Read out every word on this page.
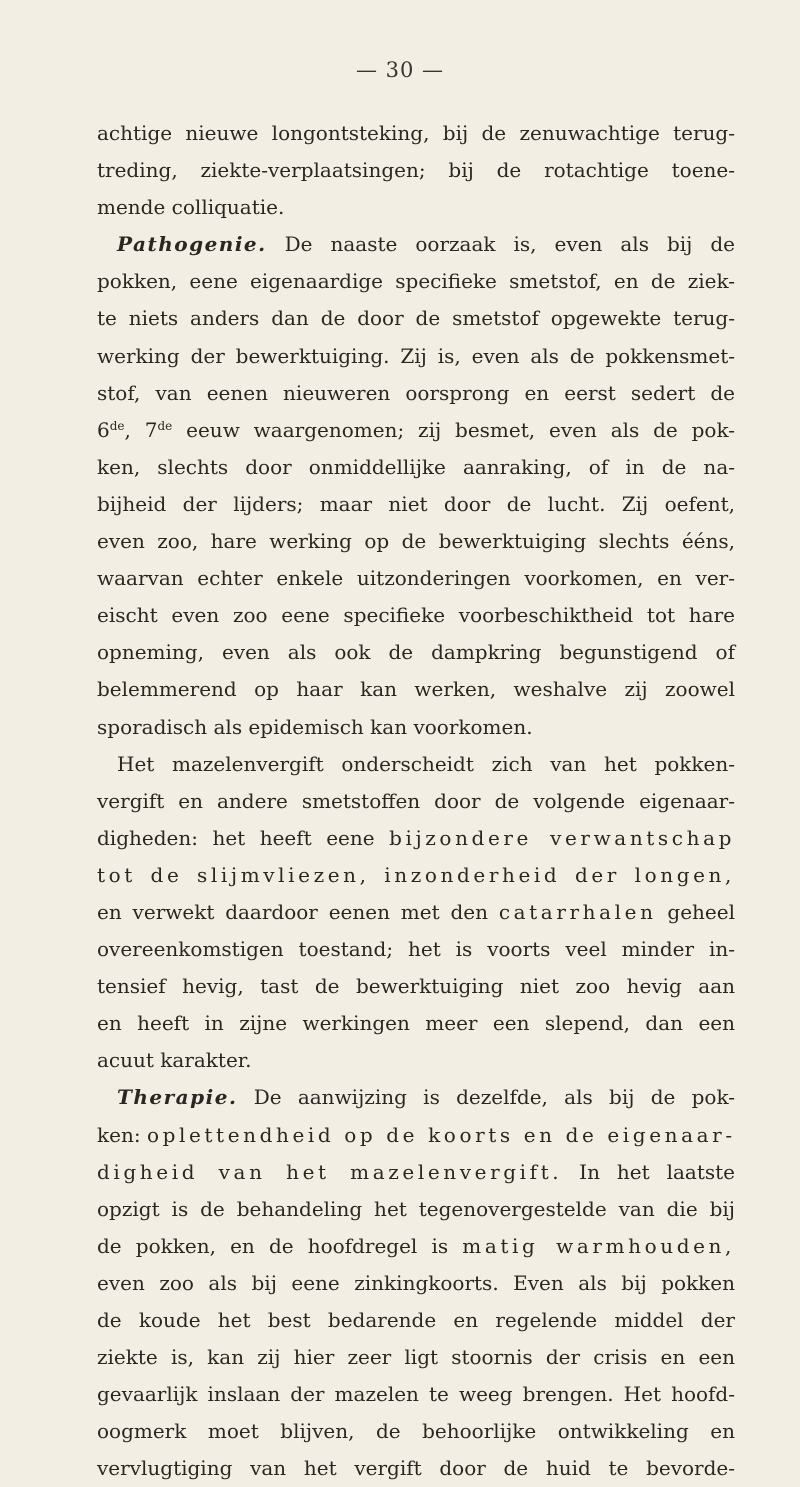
— 30 —
achtige nieuwe longontsteking, bij de zenuwachtige terug-
treding, ziekte-verplaatsingen; bij de rotachtige toene-
mende colliquatie.
Pathogenie. De naaste oorzaak is, even als bij de
pokken, eene eigenaardige specifieke smetstof, en de ziek-
te niets anders dan de door de smetstof opgewekte terug-
werking der bewerktuiging. Zij is, even als de pokkensmet-
stof, van eenen nieuweren oorsprong en eerst sedert de
6de, 7de eeuw waargenomen; zij besmet, even als de pok-
ken, slechts door onmiddellijke aanraking, of in de na-
bijheid der lijders; maar niet door de lucht. Zij oefent,
even zoo, hare werking op de bewerktuiging slechts ééns,
waarvan echter enkele uitzonderingen voorkomen, en ver-
eischt even zoo eene specifieke voorbeschiktheid tot hare
opneming, even als ook de dampkring begunstigend of
belemmerend op haar kan werken, weshalve zij zoowel
sporadisch als epidemisch kan voorkomen.
Het mazelenvergift onderscheidt zich van het pokken-
vergift en andere smetstoffen door de volgende eigenaar-
digheden: het heeft eene bijzondere verwantschap
tot de slijmvliezen, inzonderheid der longen,
en verwekt daardoor eenen met den catarrhalen geheel
overeenkomstigen toestand; het is voorts veel minder in-
tensief hevig, tast de bewerktuiging niet zoo hevig aan
en heeft in zijne werkingen meer een slepend, dan een
acuut karakter.
Therapie. De aanwijzing is dezelfde, als bij de pok-
ken: oplettendheid op de koorts en de eigenaar-
digheid van het mazelenvergift. In het laatste
opzigt is de behandeling het tegenovergestelde van die bij
de pokken, en de hoofdregel is matig warmhouden,
even zoo als bij eene zinkingkoorts. Even als bij pokken
de koude het best bedarende en regelende middel der
ziekte is, kan zij hier zeer ligt stoornis der crisis en een
gevaarlijk inslaan der mazelen te weeg brengen. Het hoofd-
oogmerk moet blijven, de behoorlijke ontwikkeling en
vervlugtiging van het vergift door de huid te bevorde-
